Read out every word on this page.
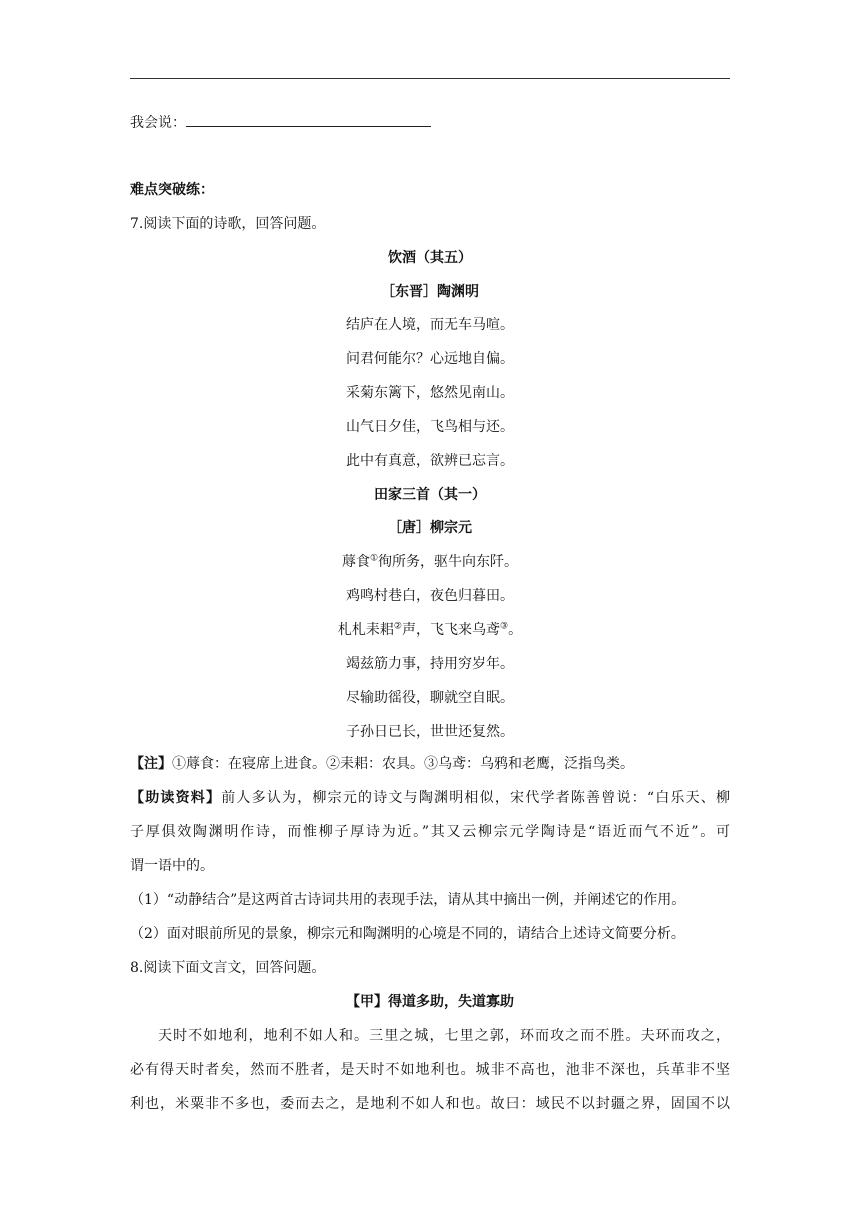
我会说：
难点突破练：
7.阅读下面的诗歌，回答问题。
饮酒（其五）
［东晋］陶渊明
结庐在人境，而无车马喧。
问君何能尔？心远地自偏。
采菊东篱下，悠然见南山。
山气日夕佳，飞鸟相与还。
此中有真意，欲辨已忘言。
田家三首（其一）
［唐］柳宗元
蓐食①徇所务，驱牛向东阡。
鸡鸣村巷白，夜色归暮田。
札札耒耜②声，飞飞来乌鸢③。
竭兹筋力事，持用穷岁年。
尽输助徭役，聊就空自眠。
子孙日已长，世世还复然。
【注】①蓐食：在寝席上进食。②耒耜：农具。③乌鸢：乌鸦和老鹰，泛指鸟类。
【助读资料】前人多认为，柳宗元的诗文与陶渊明相似，宋代学者陈善曾说：“白乐天、柳
子厚俱效陶渊明作诗，而惟柳子厚诗为近。”其又云柳宗元学陶诗是“语近而气不近”。可
谓一语中的。
（1）“动静结合”是这两首古诗词共用的表现手法，请从其中摘出一例，并阐述它的作用。
（2）面对眼前所见的景象，柳宗元和陶渊明的心境是不同的，请结合上述诗文简要分析。
8.阅读下面文言文，回答问题。
【甲】得道多助，失道寡助
天时不如地利，地利不如人和。三里之城，七里之郭，环而攻之而不胜。夫环而攻之，
必有得天时者矣，然而不胜者，是天时不如地利也。城非不高也，池非不深也，兵革非不坚
利也，米粟非不多也，委而去之，是地利不如人和也。故曰：域民不以封疆之界，固国不以
